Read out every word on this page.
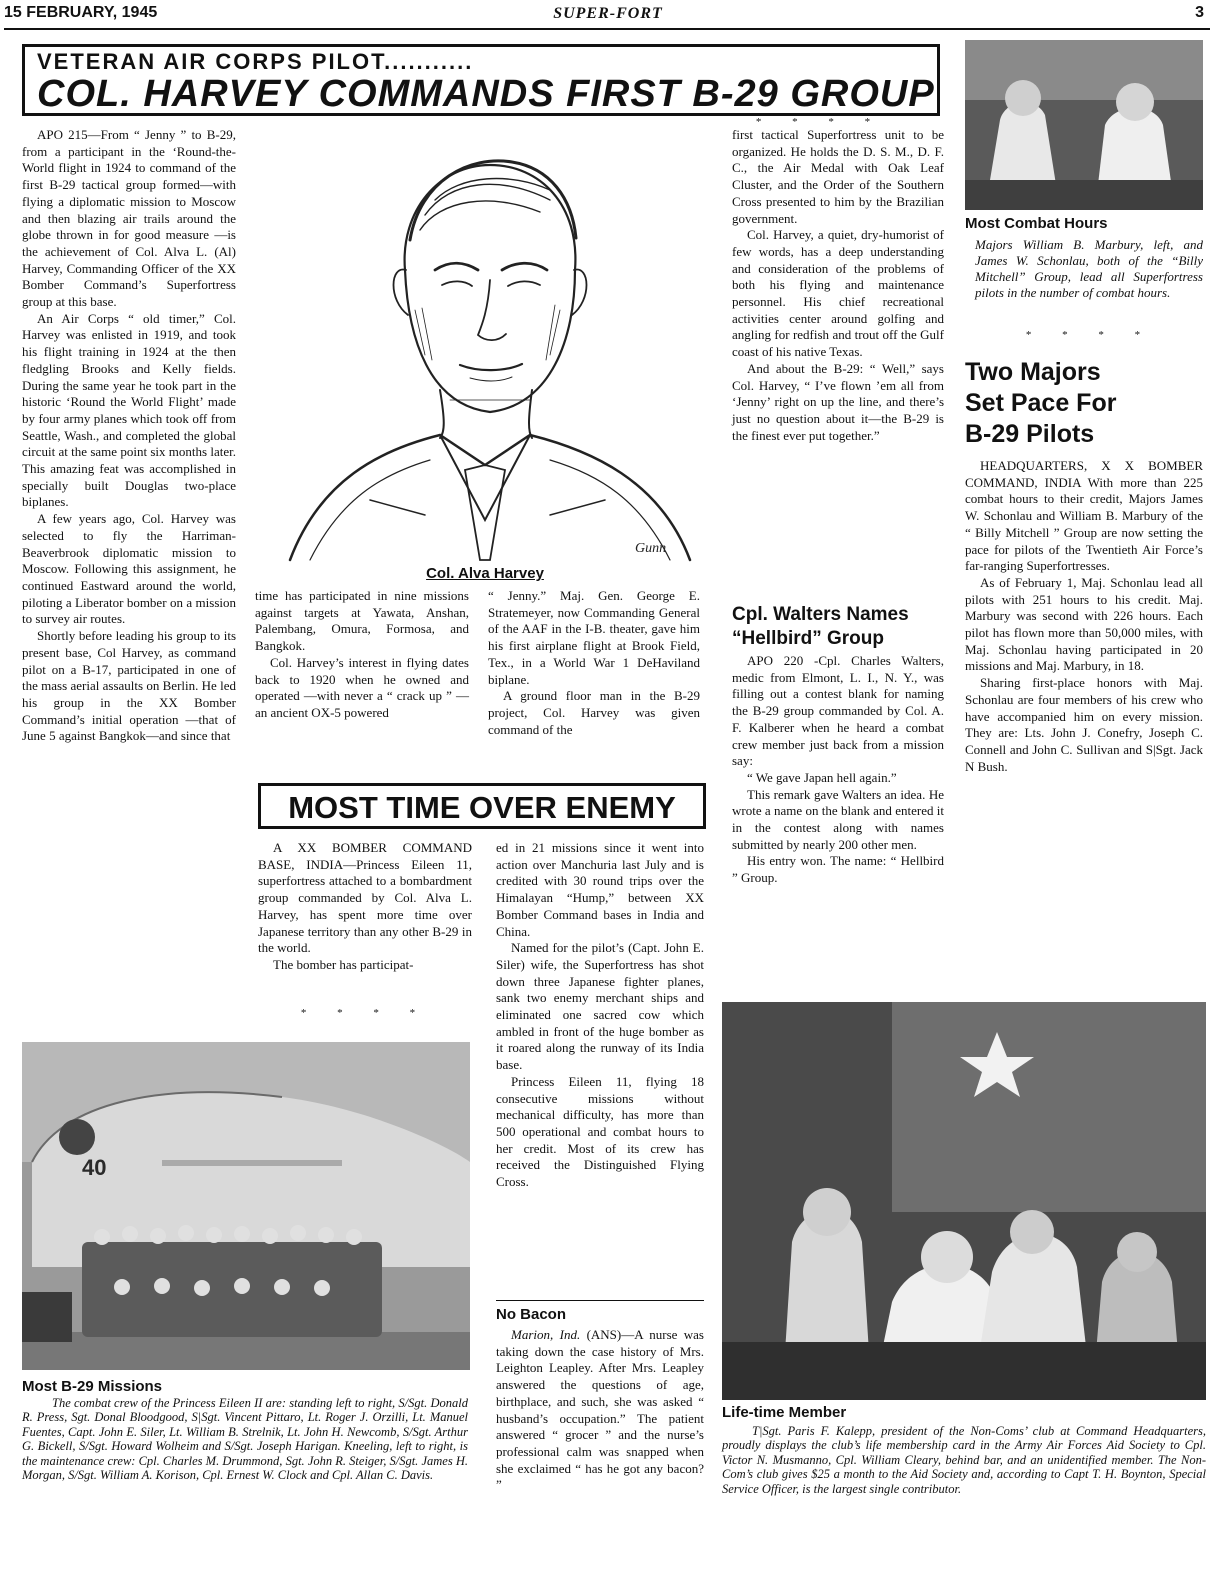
15 FEBRUARY, 1945	SUPER-FORT	3
VETERAN AIR CORPS PILOT...........
COL. HARVEY COMMANDS FIRST B-29 GROUP
* * * *

APO 215—From “ Jenny ” to B-29, from a participant in the ‘Round-the-World flight in 1924 to command of the first B-29 tactical group formed—with flying a diplomatic mission to Moscow and then blazing air trails around the globe thrown in for good measure —is the achievement of Col. Alva L. (Al) Harvey, Commanding Officer of the XX Bomber Command’s Superfortress group at this base.

An Air Corps “ old timer,” Col. Harvey was enlisted in 1919, and took his flight training in 1924 at the then fledgling Brooks and Kelly fields. During the same year he took part in the historic ‘Round the World Flight’ made by four army planes which took off from Seattle, Wash., and completed the global circuit at the same point six months later. This amazing feat was accomplished in specially built Douglas two-place biplanes.

A few years ago, Col. Harvey was selected to fly the Harriman-Beaverbrook diplomatic mission to Moscow. Following this assignment, he continued Eastward around the world, piloting a Liberator bomber on a mission to survey air routes.

Shortly before leading his group to its present base, Col Harvey, as command pilot on a B-17, participated in one of the mass aerial assaults on Berlin. He led his group in the XX Bomber Command’s initial operation —that of June 5 against Bangkok—and since that

Gunn
Col. Alva Harvey

time has participated in nine missions against targets at Yawata, Anshan, Palembang, Omura, Formosa, and Bangkok.

Col. Harvey’s interest in flying dates back to 1920 when he owned and operated —with never a “ crack up ” —an ancient OX-5 powered

“ Jenny.” Maj. Gen. George E. Stratemeyer, now Commanding General of the AAF in the I-B. theater, gave him his first airplane flight at Brook Field, Tex., in a World War 1 DeHaviland biplane.

A ground floor man in the B-29 project, Col. Harvey was given command of the

first tactical Superfortress unit to be organized. He holds the D. S. M., D. F. C., the Air Medal with Oak Leaf Cluster, and the Order of the Southern Cross presented to him by the Brazilian government.

Col. Harvey, a quiet, dry-humorist of few words, has a deep understanding and consideration of the problems of both his flying and maintenance personnel. His chief recreational activities center around golfing and angling for redfish and trout off the Gulf coast of his native Texas.

And about the B-29: “ Well,” says Col. Harvey, “ I’ve flown ’em all from ‘Jenny’ right on up the line, and there’s just no question about it—the B-29 is the finest ever put together.”

Cpl. Walters Names “Hellbird” Group

APO 220 -Cpl. Charles Walters, medic from Elmont, L. I., N. Y., was filling out a contest blank for naming the B-29 group commanded by Col. A. F. Kalberer when he heard a combat crew member just back from a mission say:

“ We gave Japan hell again.”

This remark gave Walters an idea. He wrote a name on the blank and entered it in the contest along with names submitted by nearly 200 other men.

His entry won. The name: “ Hellbird ” Group.

Most Combat Hours
Majors William B. Marbury, left, and James W. Schonlau, both of the “Billy Mitchell” Group, lead all Superfortress pilots in the number of combat hours.
* * * *
Two Majors
Set Pace For
B-29 Pilots

HEADQUARTERS, X X BOMBER COMMAND, INDIA With more than 225 combat hours to their credit, Majors James W. Schonlau and William B. Marbury of the “ Billy Mitchell ” Group are now setting the pace for pilots of the Twentieth Air Force’s far-ranging Superfortresses.

As of February 1, Maj. Schonlau lead all pilots with 251 hours to his credit. Maj. Marbury was second with 226 hours. Each pilot has flown more than 50,000 miles, with Maj. Schonlau having participated in 20 missions and Maj. Marbury, in 18.

Sharing first-place honors with Maj. Schonlau are four members of his crew who have accompanied him on every mission. They are: Lts. John J. Conefry, Joseph C. Connell and John C. Sullivan and S|Sgt. Jack N Bush.

MOST TIME OVER ENEMY

A XX BOMBER COMMAND BASE, INDIA—Princess Eileen 11, superfortress attached to a bombardment group commanded by Col. Alva L. Harvey, has spent more time over Japanese territory than any other B-29 in the world.

The bomber has participat-

* * * *

ed in 21 missions since it went into action over Manchuria last July and is credited with 30 round trips over the Himalayan “Hump,” between XX Bomber Command bases in India and China.

Named for the pilot’s (Capt. John E. Siler) wife, the Superfortress has shot down three Japanese fighter planes, sank two enemy merchant ships and eliminated one sacred cow which ambled in front of the huge bomber as it roared along the runway of its India base.

Princess Eileen 11, flying 18 consecutive missions without mechanical difficulty, has more than 500 operational and combat hours to her credit. Most of its crew has received the Distinguished Flying Cross.

No Bacon

Marion, Ind. (ANS)—A nurse was taking down the case history of Mrs. Leighton Leapley. After Mrs. Leapley answered the questions of age, birthplace, and such, she was asked “ husband’s occupation.” The patient answered “ grocer ” and the nurse’s professional calm was snapped when she exclaimed “ has he got any bacon? ”

40
Most B-29 Missions
The combat crew of the Princess Eileen II are: standing left to right, S/Sgt. Donald R. Press, Sgt. Donal Bloodgood, S|Sgt. Vincent Pittaro, Lt. Roger J. Orzilli, Lt. Manuel Fuentes, Capt. John E. Siler, Lt. William B. Strelnik, Lt. John H. Newcomb, S/Sgt. Arthur G. Bickell, S/Sgt. Howard Wolheim and S/Sgt. Joseph Harigan. Kneeling, left to right, is the maintenance crew: Cpl. Charles M. Drummond, Sgt. John R. Steiger, S/Sgt. James H. Morgan, S/Sgt. William A. Korison, Cpl. Ernest W. Clock and Cpl. Allan C. Davis.
Life-time Member
T|Sgt. Paris F. Kalepp, president of the Non-Coms’ club at Command Headquarters, proudly displays the club’s life membership card in the Army Air Forces Aid Society to Cpl. Victor N. Musmanno, Cpl. William Cleary, behind bar, and an unidentified member. The Non-Com’s club gives $25 a month to the Aid Society and, according to Capt T. H. Boynton, Special Service Officer, is the largest single contributor.
